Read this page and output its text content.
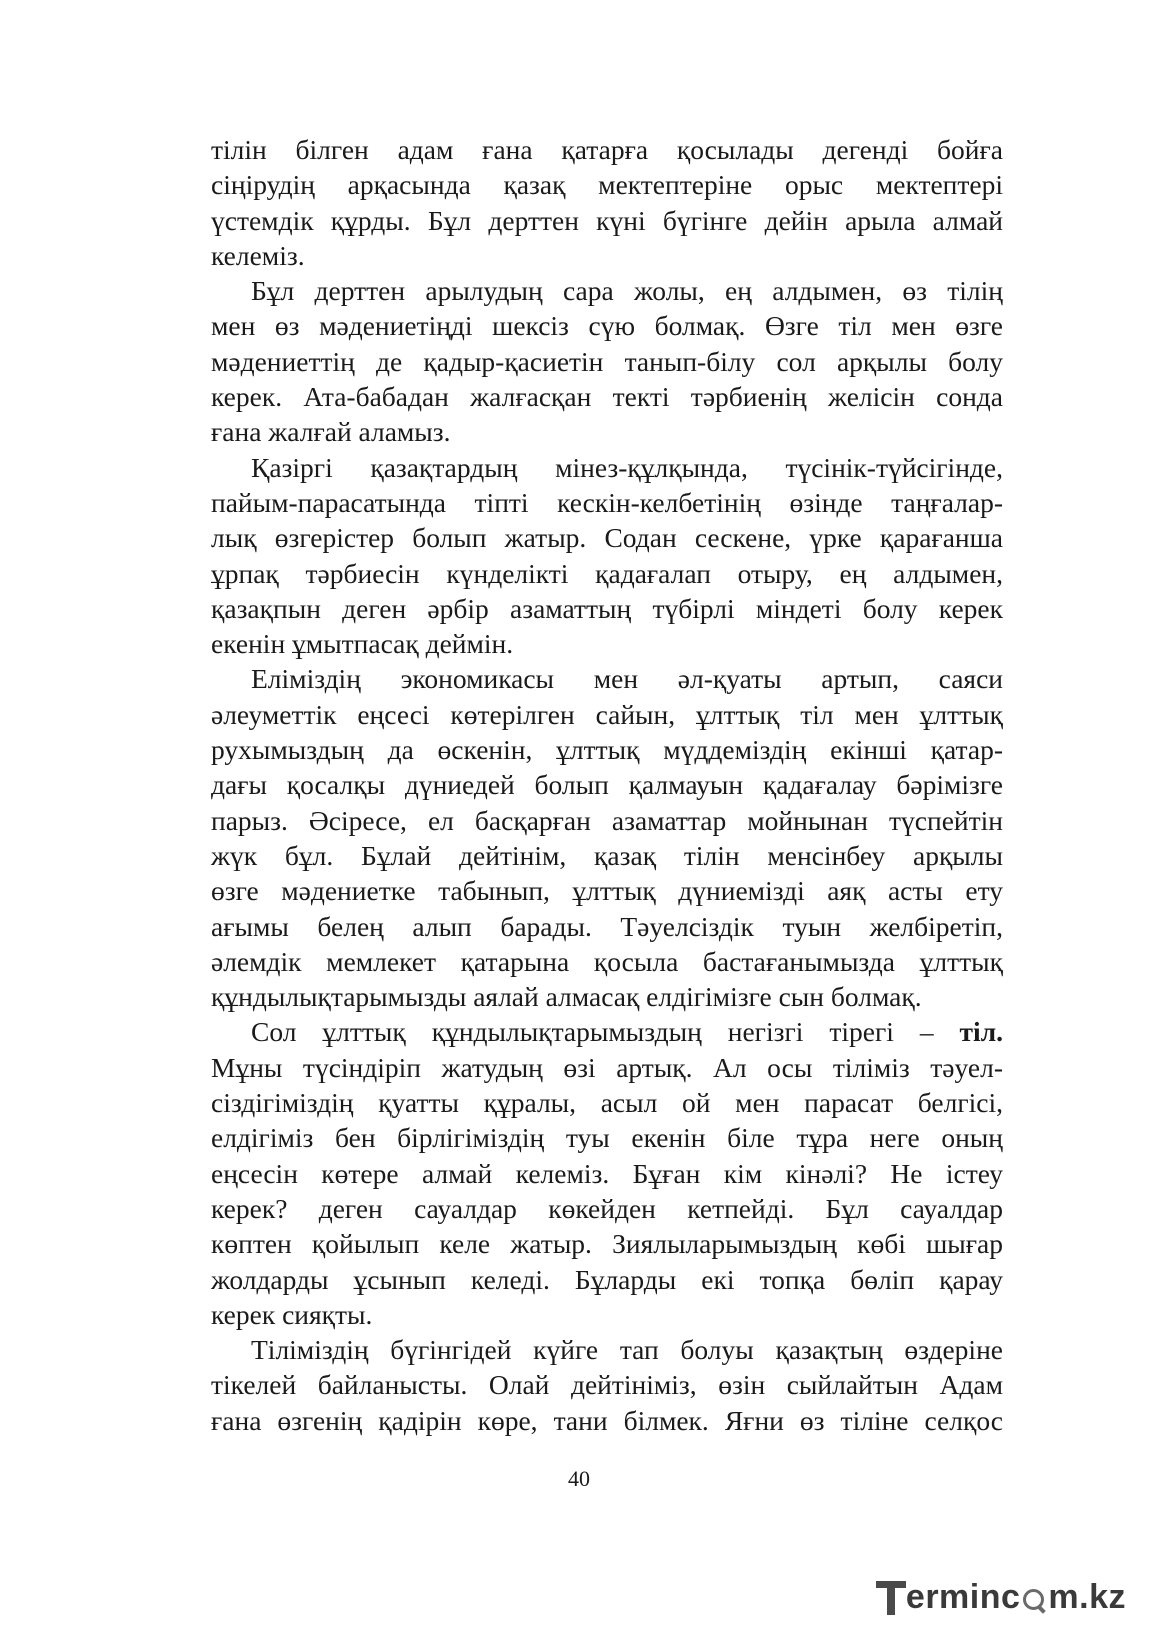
тілін білген адам ғана қатарға қосылады дегенді бойға
сіңірудің арқасында қазақ мектептеріне орыс мектептері
үстемдік құрды. Бұл дерттен күні бүгінге дейін арыла алмай
келеміз.
Бұл дерттен арылудың сара жолы, ең алдымен, өз тілің
мен өз мәдениетіңді шексіз сүю болмақ. Өзге тіл мен өзге
мәдениеттің де қадыр-қасиетін танып-білу сол арқылы болу
керек. Ата-бабадан жалғасқан текті тәрбиенің желісін сонда
ғана жалғай аламыз.
Қазіргі қазақтардың мінез-құлқында, түсінік-түйсігінде,
пайым-парасатында тіпті кескін-келбетінің өзінде таңғалар-
лық өзгерістер болып жатыр. Содан сескене, үрке қарағанша
ұрпақ тәрбиесін күнделікті қадағалап отыру, ең алдымен,
қазақпын деген әрбір азаматтың түбірлі міндеті болу керек
екенін ұмытпасақ деймін.
Еліміздің экономикасы мен әл-қуаты артып, саяси
әлеуметтік еңсесі көтерілген сайын, ұлттық тіл мен ұлттық
рухымыздың да өскенін, ұлттық мүддеміздің екінші қатар-
дағы қосалқы дүниедей болып қалмауын қадағалау бәрімізге
парыз. Әсіресе, ел басқарған азаматтар мойнынан түспейтін
жүк бұл. Бұлай дейтінім, қазақ тілін менсінбеу арқылы
өзге мәдениетке табынып, ұлттық дүниемізді аяқ асты ету
ағымы белең алып барады. Тәуелсіздік туын желбіретіп,
әлемдік мемлекет қатарына қосыла бастағанымызда ұлттық
құндылықтарымызды аялай алмасақ елдігімізге сын болмақ.
Сол ұлттық құндылықтарымыздың негізгі тірегі – тіл.
Мұны түсіндіріп жатудың өзі артық. Ал осы тіліміз тәуел-
сіздігіміздің қуатты құралы, асыл ой мен парасат белгісі,
елдігіміз бен бірлігіміздің туы екенін біле тұра неге оның
еңсесін көтере алмай келеміз. Бұған кім кінәлі? Не істеу
керек? деген сауалдар көкейден кетпейді. Бұл сауалдар
көптен қойылып келе жатыр. Зиялыларымыздың көбі шығар
жолдарды ұсынып келеді. Бұларды екі топқа бөліп қарау
керек сияқты.
Тіліміздің бүгінгідей күйге тап болуы қазақтың өздеріне
тікелей байланысты. Олай дейтініміз, өзін сыйлайтын Адам
ғана өзгенің қадірін көре, тани білмек. Яғни өз тіліне селқос
40
erminc m.kz
